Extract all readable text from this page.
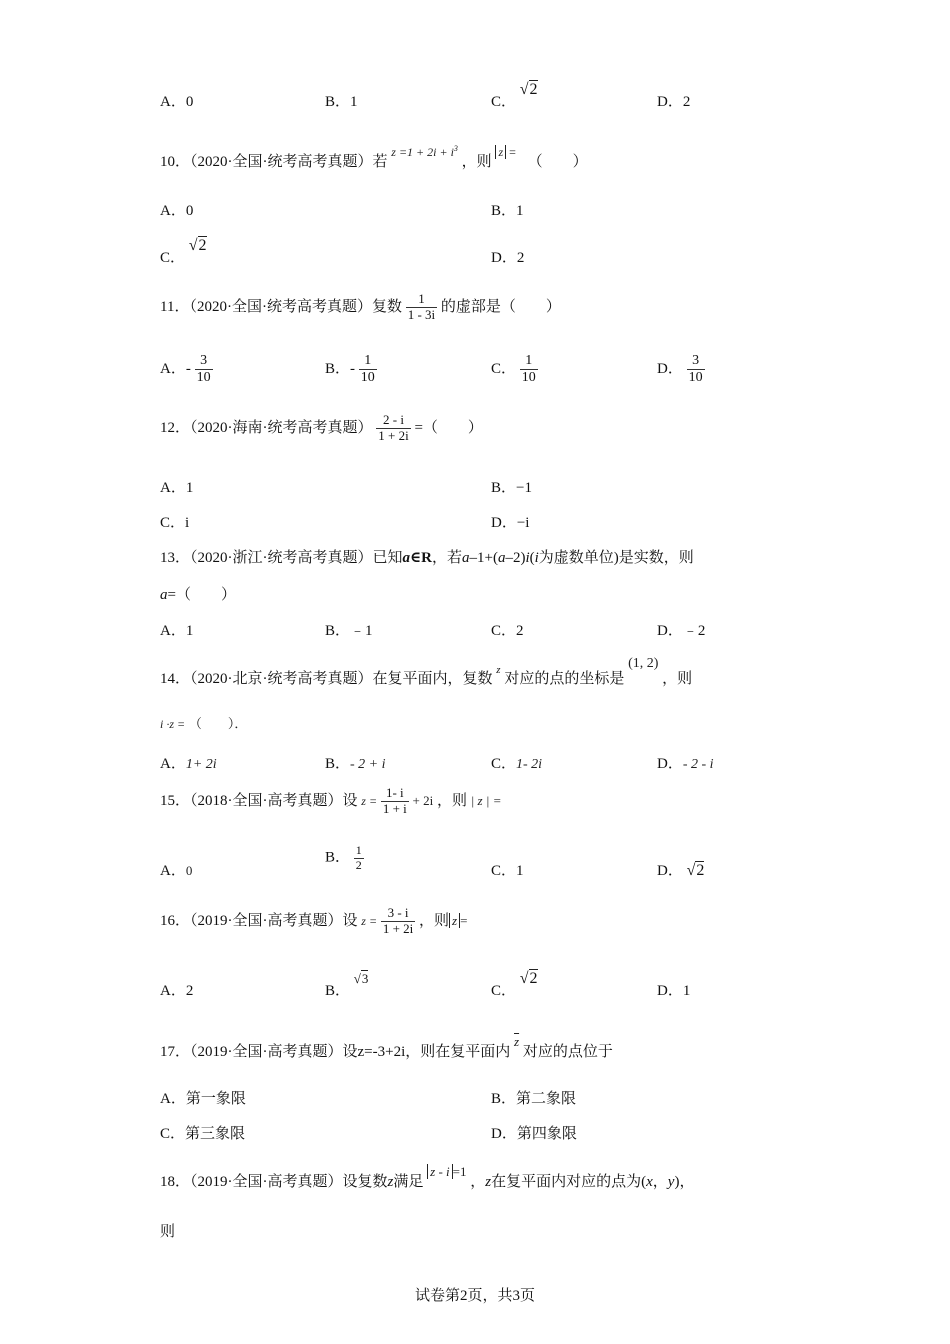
A．0	B．1	C． √2
D．2
10．（2020·全国·统考高考真题）若 $^{z =1 + 2i + i^3}$ ，则 $^{z =}$ （　　）
A．0	B．1
C． √2
D．2
11．（2020·全国·统考高考真题）复数 $\frac{1}{1 - 3i}$ 的虚部是（　　）
A．- $\frac{3}{10}$	B．- $\frac{1}{10}$	C． $\frac{1}{10}$	D． $\frac{3}{10}$
12．（2020·海南·统考高考真题） $\frac{2 - i}{1 + 2i}$ =（　　）
A．1	B．−1
C．i	D．−i
13．（2020·浙江·统考高考真题）已知a∈R，若a–1+(a–2)i(i为虚数单位)是实数，则
a=（　　）
A．1	B．﹣1	C．2	D．﹣2
14．（2020·北京·统考高考真题）在复平面内，复数 $^z$ 对应的点的坐标是 (1, 2) ，则
i ·z = （　　）．
A．1+ 2i	B．- 2 + i	C．1- 2i	D．- 2 - i
15．（2018·全国·高考真题）设 $z = \frac{1- i}{1 + i} + 2i$ ，则 | z | =
A．0
B． $\frac{1}{2}$	C．1	D． √2
16．（2019·全国·高考真题）设 $z = \frac{3 - i}{1 + 2i}$ ，则 z =
A．2	B． √3
C． √2
D．1
17．（2019·全国·高考真题）设z=-3+2i，则在复平面内 $\overline{z}$ 对应的点位于
A．第一象限	B．第二象限
C．第三象限	D．第四象限
18．（2019·全国·高考真题）设复数z满足 z - i =1 ，z在复平面内对应的点为(x，y)，
则
试卷第2页，共3页
